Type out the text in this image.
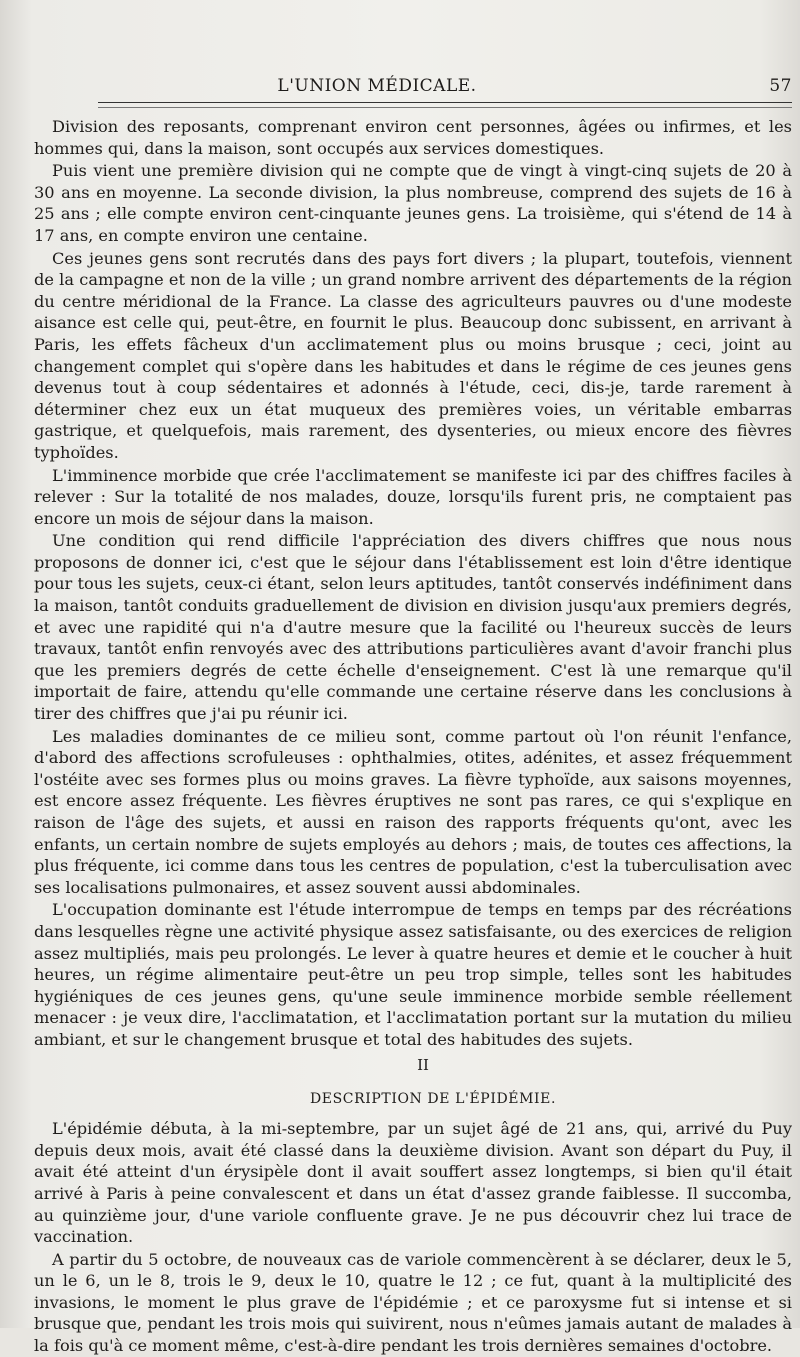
L'UNION MÉDICALE.	57

Division des reposants, comprenant environ cent personnes, âgées ou infirmes, et les hommes qui, dans la maison, sont occupés aux services domestiques.

Puis vient une première division qui ne compte que de vingt à vingt-cinq sujets de 20 à 30 ans en moyenne. La seconde division, la plus nombreuse, comprend des sujets de 16 à 25 ans ; elle compte environ cent-cinquante jeunes gens. La troisième, qui s'étend de 14 à 17 ans, en compte environ une centaine.

Ces jeunes gens sont recrutés dans des pays fort divers ; la plupart, toutefois, viennent de la campagne et non de la ville ; un grand nombre arrivent des départements de la région du centre méridional de la France. La classe des agriculteurs pauvres ou d'une modeste aisance est celle qui, peut-être, en fournit le plus. Beaucoup donc subissent, en arrivant à Paris, les effets fâcheux d'un acclimatement plus ou moins brusque ; ceci, joint au changement complet qui s'opère dans les habitudes et dans le régime de ces jeunes gens devenus tout à coup sédentaires et adonnés à l'étude, ceci, dis-je, tarde rarement à déterminer chez eux un état muqueux des premières voies, un véritable embarras gastrique, et quelquefois, mais rarement, des dysenteries, ou mieux encore des fièvres typhoïdes.

L'imminence morbide que crée l'acclimatement se manifeste ici par des chiffres faciles à relever : Sur la totalité de nos malades, douze, lorsqu'ils furent pris, ne comptaient pas encore un mois de séjour dans la maison.

Une condition qui rend difficile l'appréciation des divers chiffres que nous nous proposons de donner ici, c'est que le séjour dans l'établissement est loin d'être identique pour tous les sujets, ceux-ci étant, selon leurs aptitudes, tantôt conservés indéfiniment dans la maison, tantôt conduits graduellement de division en division jusqu'aux premiers degrés, et avec une rapidité qui n'a d'autre mesure que la facilité ou l'heureux succès de leurs travaux, tantôt enfin renvoyés avec des attributions particulières avant d'avoir franchi plus que les premiers degrés de cette échelle d'enseignement. C'est là une remarque qu'il importait de faire, attendu qu'elle commande une certaine réserve dans les conclusions à tirer des chiffres que j'ai pu réunir ici.

Les maladies dominantes de ce milieu sont, comme partout où l'on réunit l'enfance, d'abord des affections scrofuleuses : ophthalmies, otites, adénites, et assez fréquemment l'ostéite avec ses formes plus ou moins graves. La fièvre typhoïde, aux saisons moyennes, est encore assez fréquente. Les fièvres éruptives ne sont pas rares, ce qui s'explique en raison de l'âge des sujets, et aussi en raison des rapports fréquents qu'ont, avec les enfants, un certain nombre de sujets employés au dehors ; mais, de toutes ces affections, la plus fréquente, ici comme dans tous les centres de population, c'est la tuberculisation avec ses localisations pulmonaires, et assez souvent aussi abdominales.

L'occupation dominante est l'étude interrompue de temps en temps par des récréations dans lesquelles règne une activité physique assez satisfaisante, ou des exercices de religion assez multipliés, mais peu prolongés. Le lever à quatre heures et demie et le coucher à huit heures, un régime alimentaire peut-être un peu trop simple, telles sont les habitudes hygiéniques de ces jeunes gens, qu'une seule imminence morbide semble réellement menacer : je veux dire, l'acclimatation, et l'acclimatation portant sur la mutation du milieu ambiant, et sur le changement brusque et total des habitudes des sujets.

II
DESCRIPTION DE L'ÉPIDÉMIE.

L'épidémie débuta, à la mi-septembre, par un sujet âgé de 21 ans, qui, arrivé du Puy depuis deux mois, avait été classé dans la deuxième division. Avant son départ du Puy, il avait été atteint d'un érysipèle dont il avait souffert assez longtemps, si bien qu'il était arrivé à Paris à peine convalescent et dans un état d'assez grande faiblesse. Il succomba, au quinzième jour, d'une variole confluente grave. Je ne pus découvrir chez lui trace de vaccination.

A partir du 5 octobre, de nouveaux cas de variole commencèrent à se déclarer, deux le 5, un le 6, un le 8, trois le 9, deux le 10, quatre le 12 ; ce fut, quant à la multiplicité des invasions, le moment le plus grave de l'épidémie ; et ce paroxysme fut si intense et si brusque que, pendant les trois mois qui suivirent, nous n'eûmes jamais autant de malades à la fois qu'à ce moment même, c'est-à-dire pendant les trois dernières semaines d'octobre.
